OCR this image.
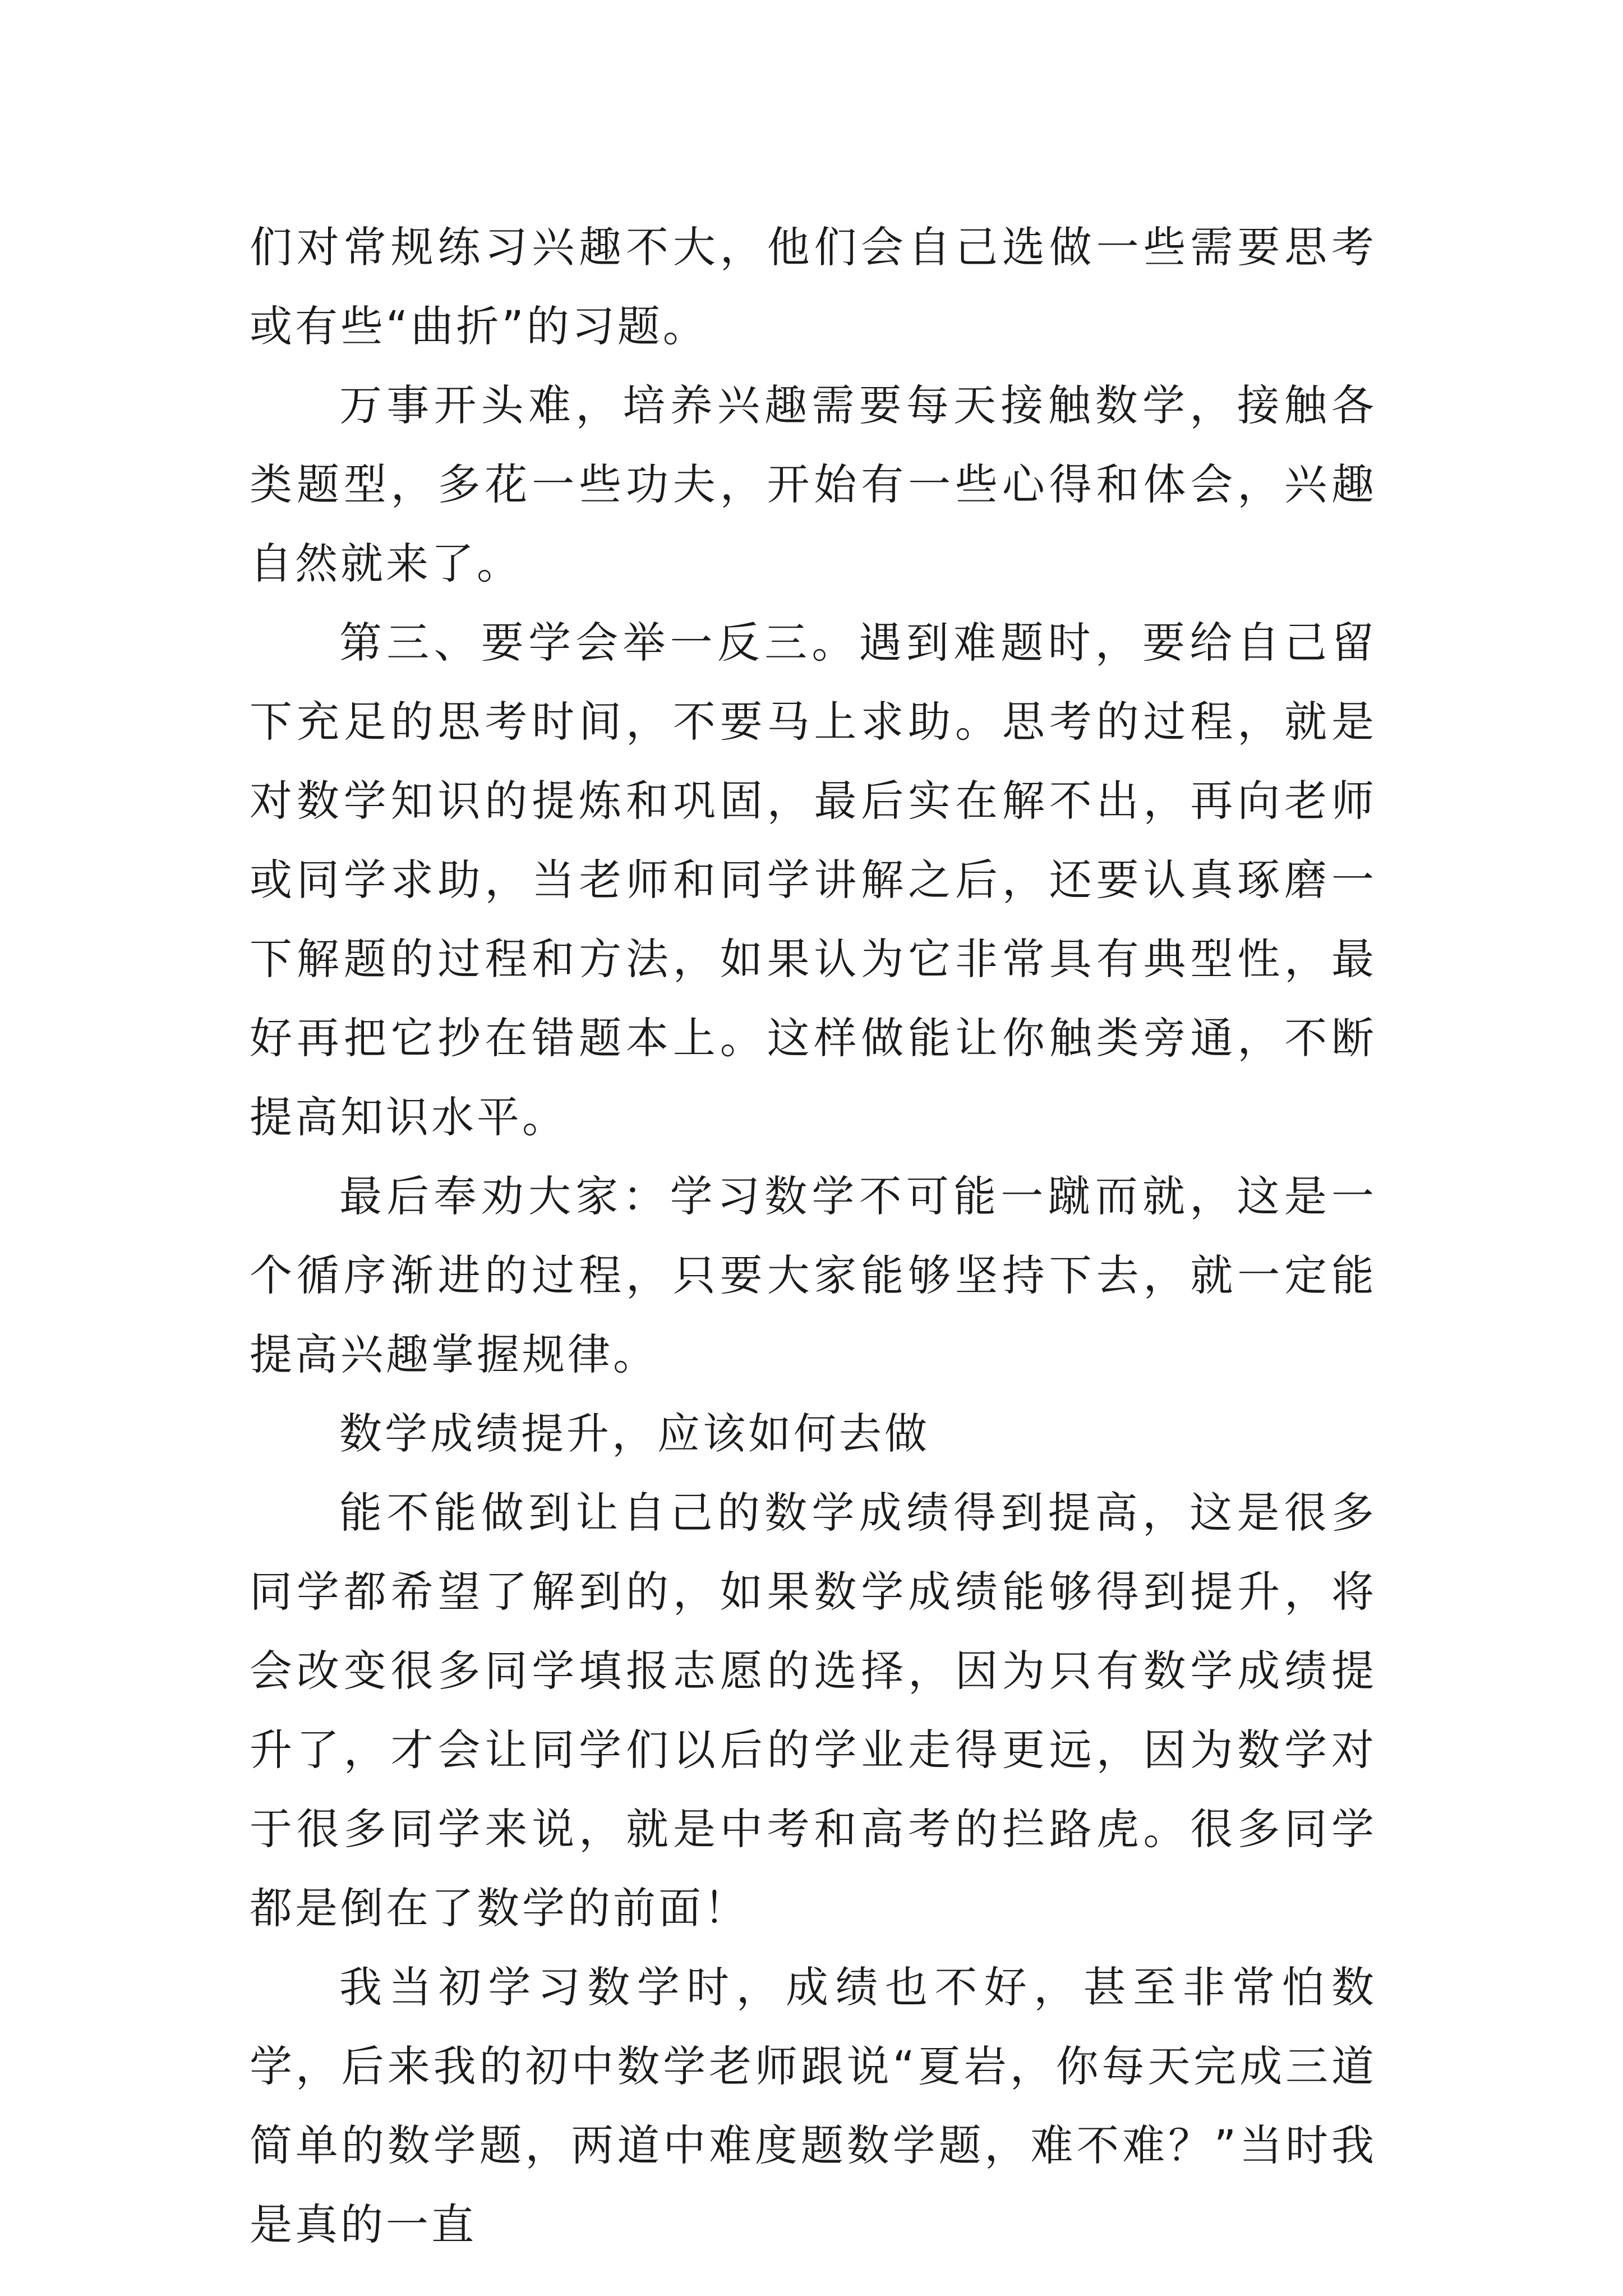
们对常规练习兴趣不大，他们会自己选做一些需要思考或有些“曲折”的习题。

万事开头难，培养兴趣需要每天接触数学，接触各类题型，多花一些功夫，开始有一些心得和体会，兴趣自然就来了。

第三、要学会举一反三。遇到难题时，要给自己留下充足的思考时间，不要马上求助。思考的过程，就是对数学知识的提炼和巩固，最后实在解不出，再向老师或同学求助，当老师和同学讲解之后，还要认真琢磨一下解题的过程和方法，如果认为它非常具有典型性，最好再把它抄在错题本上。这样做能让你触类旁通，不断提高知识水平。

最后奉劝大家：学习数学不可能一蹴而就，这是一个循序渐进的过程，只要大家能够坚持下去，就一定能提高兴趣掌握规律。

数学成绩提升，应该如何去做

能不能做到让自己的数学成绩得到提高，这是很多同学都希望了解到的，如果数学成绩能够得到提升，将会改变很多同学填报志愿的选择，因为只有数学成绩提升了，才会让同学们以后的学业走得更远，因为数学对于很多同学来说，就是中考和高考的拦路虎。很多同学都是倒在了数学的前面！

我当初学习数学时，成绩也不好，甚至非常怕数学，后来我的初中数学老师跟说“夏岩，你每天完成三道简单的数学题，两道中难度题数学题，难不难？”当时我是真的一直
